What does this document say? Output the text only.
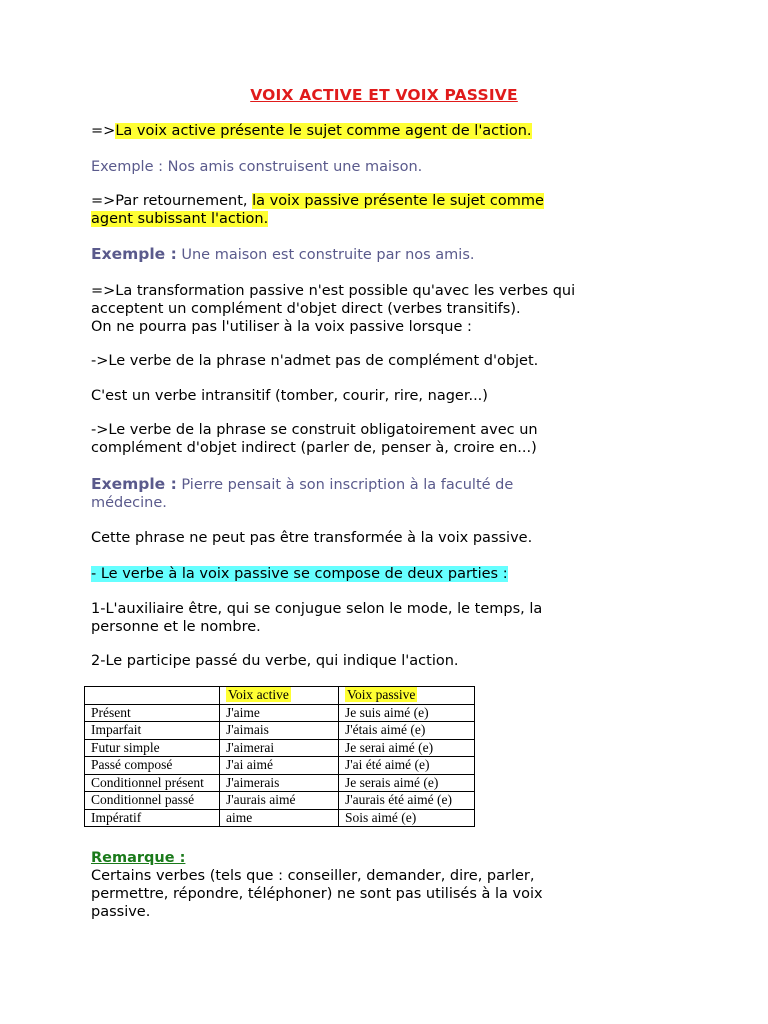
VOIX ACTIVE ET VOIX PASSIVE
=>La voix active présente le sujet comme agent de l'action.
Exemple : Nos amis construisent une maison.
=>Par retournement, la voix passive présente le sujet comme
agent subissant l'action.
Exemple : Une maison est construite par nos amis.
=>La transformation passive n'est possible qu'avec les verbes qui
acceptent un complément d'objet direct (verbes transitifs).
On ne pourra pas l'utiliser à la voix passive lorsque :
->Le verbe de la phrase n'admet pas de complément d'objet.
C'est un verbe intransitif (tomber, courir, rire, nager...)
->Le verbe de la phrase se construit obligatoirement avec un
complément d'objet indirect (parler de, penser à, croire en...)
Exemple : Pierre pensait à son inscription à la faculté de
médecine.
Cette phrase ne peut pas être transformée à la voix passive.
- Le verbe à la voix passive se compose de deux parties :
1-L'auxiliaire être, qui se conjugue selon le mode, le temps, la
personne et le nombre.
2-Le participe passé du verbe, qui indique l'action.
	Voix active	Voix passive
Présent	J'aime	Je suis aimé (e)
Imparfait	J'aimais	J'étais aimé (e)
Futur simple	J'aimerai	Je serai aimé (e)
Passé composé	J'ai aimé	J'ai été aimé (e)
Conditionnel présent	J'aimerais	Je serais aimé (e)
Conditionnel passé	J'aurais aimé	J'aurais été aimé (e)
Impératif	aime	Sois aimé (e)
Remarque :
Certains verbes (tels que : conseiller, demander, dire, parler,
permettre, répondre, téléphoner) ne sont pas utilisés à la voix
passive.
